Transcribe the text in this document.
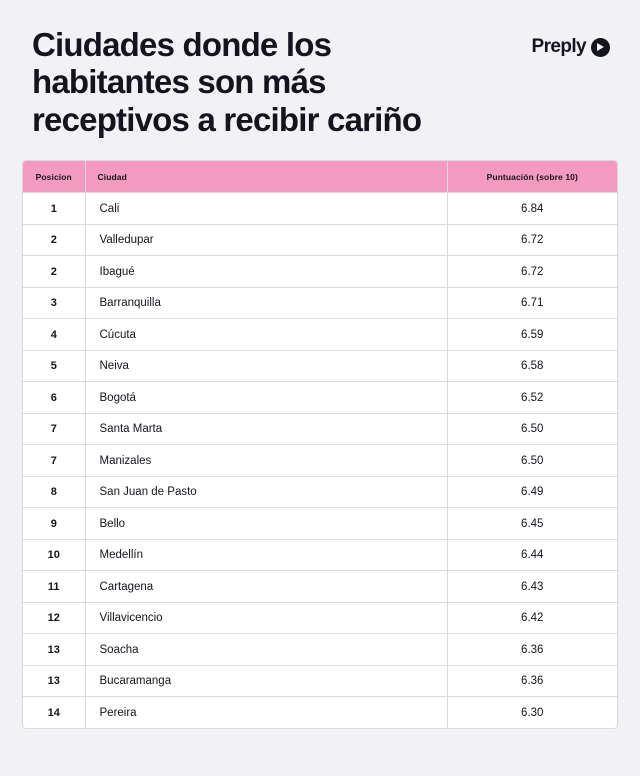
Ciudades donde los habitantes son más receptivos a recibir cariño
Preply
Posicion	Ciudad	Puntuación (sobre 10)
1	Cali	6.84
2	Valledupar	6.72
2	Ibagué	6.72
3	Barranquilla	6.71
4	Cúcuta	6.59
5	Neiva	6.58
6	Bogotá	6.52
7	Santa Marta	6.50
7	Manizales	6.50
8	San Juan de Pasto	6.49
9	Bello	6.45
10	Medellín	6.44
11	Cartagena	6.43
12	Villavicencio	6.42
13	Soacha	6.36
13	Bucaramanga	6.36
14	Pereira	6.30
